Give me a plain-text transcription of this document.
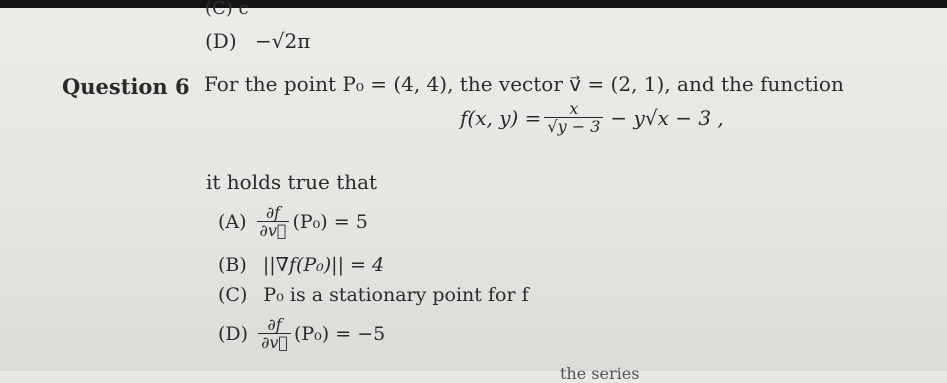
(C) c
(D) −√2π
Question 6 For the point P₀ = (4, 4), the vector v⃗ = (2, 1), and the function
f(x, $y) = \frac{x}{√y - 3} - y√x - 3$ ,
it holds true that
$(A) \frac{\partial f}{\partial v⃗} (P_0) = 5$
(B) ||∇f(P₀)|| = 4
(C) P₀ is a stationary point for f
$(D) \frac{\partial f}{\partial v⃗} (P_0) = -5$
the series
